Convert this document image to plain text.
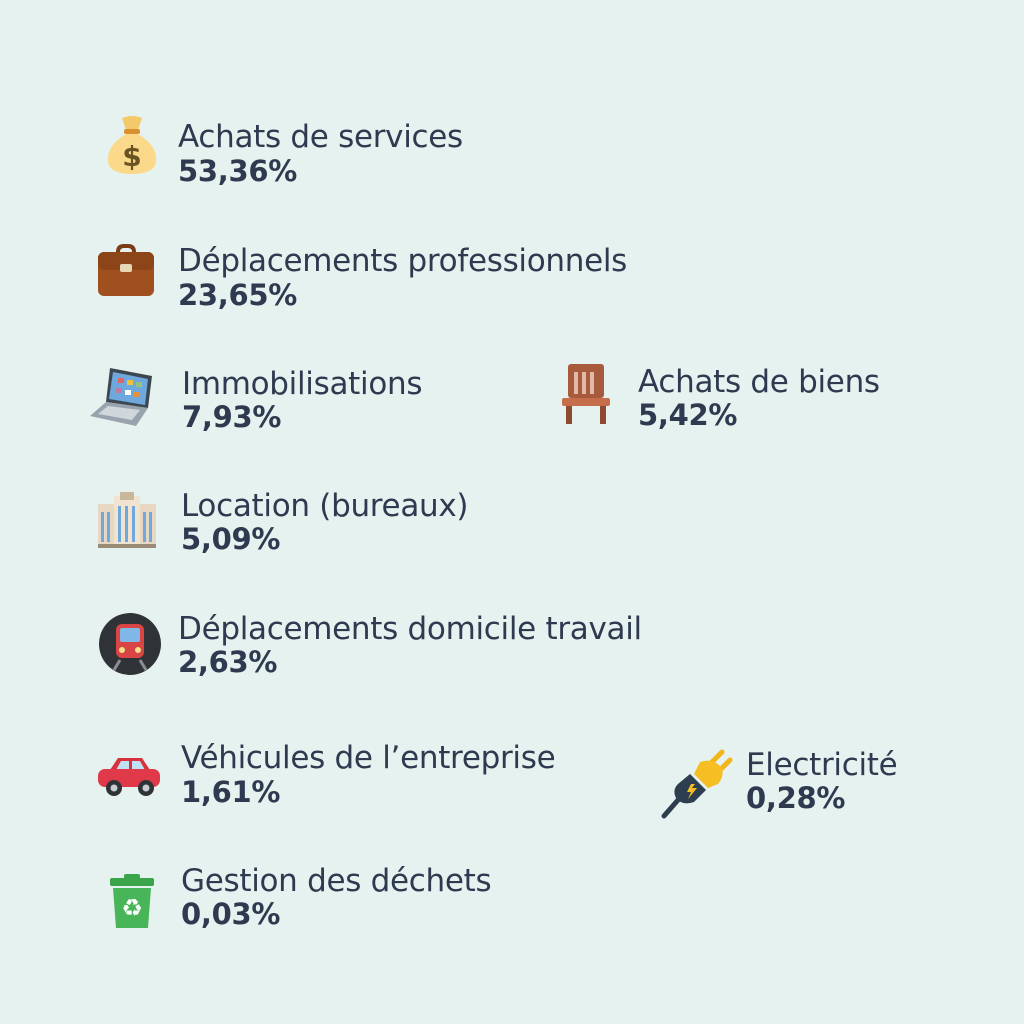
$
Achats de services
53,36%
Déplacements professionnels
23,65%
Immobilisations
7,93%
Achats de biens
5,42%
Location (bureaux)
5,09%
Déplacements domicile travail
2,63%
Véhicules de l’entreprise
1,61%
Electricité
0,28%
♻
Gestion des déchets
0,03%
